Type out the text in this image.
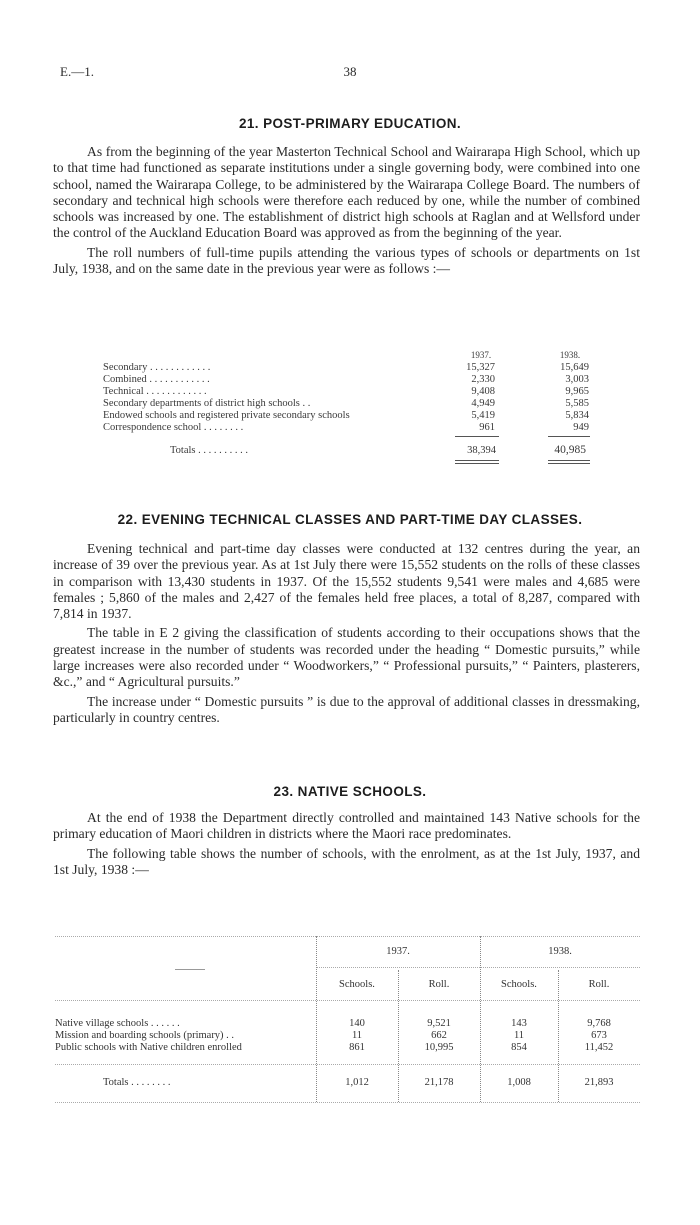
E.—1.	38
21. POST-PRIMARY EDUCATION.

As from the beginning of the year Masterton Technical School and Wairarapa High School, which up to that time had functioned as separate institutions under a single governing body, were combined into one school, named the Wairarapa College, to be administered by the Wairarapa College Board. The numbers of secondary and technical high schools were therefore each reduced by one, while the number of combined schools was increased by one. The establishment of district high schools at Raglan and at Wellsford under the control of the Auckland Education Board was approved as from the beginning of the year.

The roll numbers of full-time pupils attending the various types of schools or departments on 1st July, 1938, and on the same date in the previous year were as follows :—

1937.	1938.
Secondary . . . . . . . . . . . .	15,327	15,649
Combined . . . . . . . . . . . .	2,330	3,003
Technical . . . . . . . . . . . .	9,408	9,965
Secondary departments of district high schools . .	4,949	5,585
Endowed schools and registered private secondary schools	5,419	5,834
Correspondence school . . . . . . . .	961	949
Totals . . . . . . . . . .	38,394	40,985
22. EVENING TECHNICAL CLASSES AND PART-TIME DAY CLASSES.

Evening technical and part-time day classes were conducted at 132 centres during the year, an increase of 39 over the previous year. As at 1st July there were 15,552 students on the rolls of these classes in comparison with 13,430 students in 1937. Of the 15,552 students 9,541 were males and 4,685 were females ; 5,860 of the males and 2,427 of the females held free places, a total of 8,287, compared with 7,814 in 1937.

The table in E 2 giving the classification of students according to their occupations shows that the greatest increase in the number of students was recorded under the heading “ Domestic pursuits,” while large increases were also recorded under “ Woodworkers,” “ Professional pursuits,” “ Painters, plasterers, &c.,” and “ Agricultural pursuits.”

The increase under “ Domestic pursuits ” is due to the approval of additional classes in dressmaking, particularly in country centres.

23. NATIVE SCHOOLS.

At the end of 1938 the Department directly controlled and maintained 143 Native schools for the primary education of Maori children in districts where the Maori race predominates.

The following table shows the number of schools, with the enrolment, as at the 1st July, 1937, and 1st July, 1938 :—

1937.	1938.
Schools.	Roll.	Schools.	Roll.
Native village schools . . . . . .	140	9,521	143	9,768
Mission and boarding schools (primary) . .	11	662	11	673
Public schools with Native children enrolled	861	10,995	854	11,452
Totals . . . . . . . .	1,012	21,178	1,008	21,893
